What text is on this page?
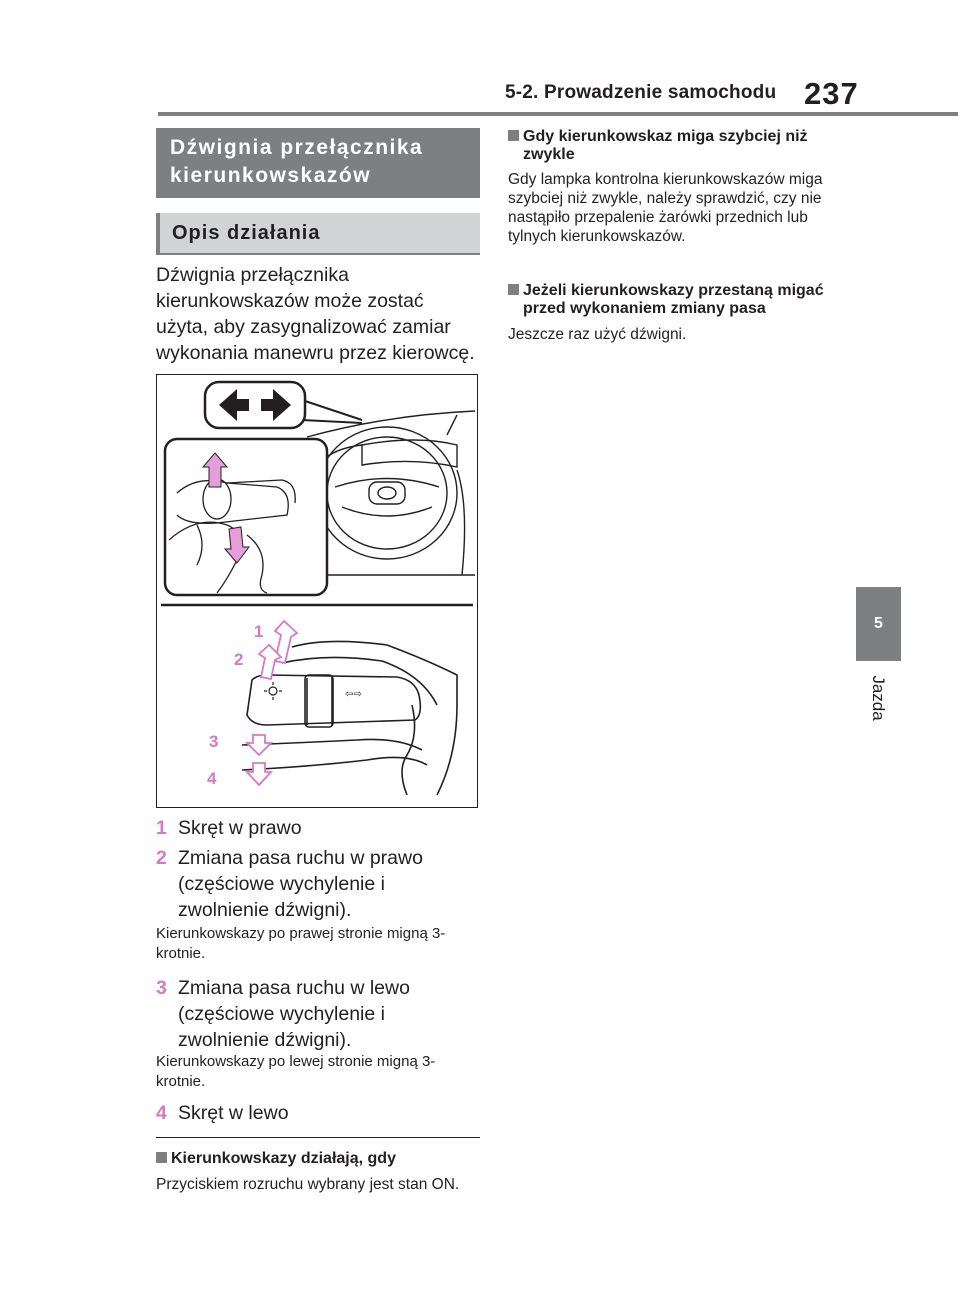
5-2. Prowadzenie samochodu 237
5
Jazda
Dźwignia przełącznika kierunkowskazów
Opis działania
Dźwignia przełącznika kierunkowskazów może zostać użyta, aby zasygnalizować zamiar wykonania manewru przez kierowcę.
⇦⇨
1
2
3
4
1 Skręt w prawo
2 Zmiana pasa ruchu w prawo (częściowe wychylenie i zwolnienie dźwigni).
Kierunkowskazy po prawej stronie migną 3-krotnie.
3 Zmiana pasa ruchu w lewo (częściowe wychylenie i zwolnienie dźwigni).
Kierunkowskazy po lewej stronie migną 3-krotnie.
4 Skręt w lewo
Kierunkowskazy działają, gdy
Przyciskiem rozruchu wybrany jest stan ON.
Gdy kierunkowskaz miga szybciej niż zwykle
Gdy lampka kontrolna kierunkowskazów miga szybciej niż zwykle, należy sprawdzić, czy nie nastąpiło przepalenie żarówki przednich lub tylnych kierunkowskazów.
Jeżeli kierunkowskazy przestaną migać przed wykonaniem zmiany pasa
Jeszcze raz użyć dźwigni.
